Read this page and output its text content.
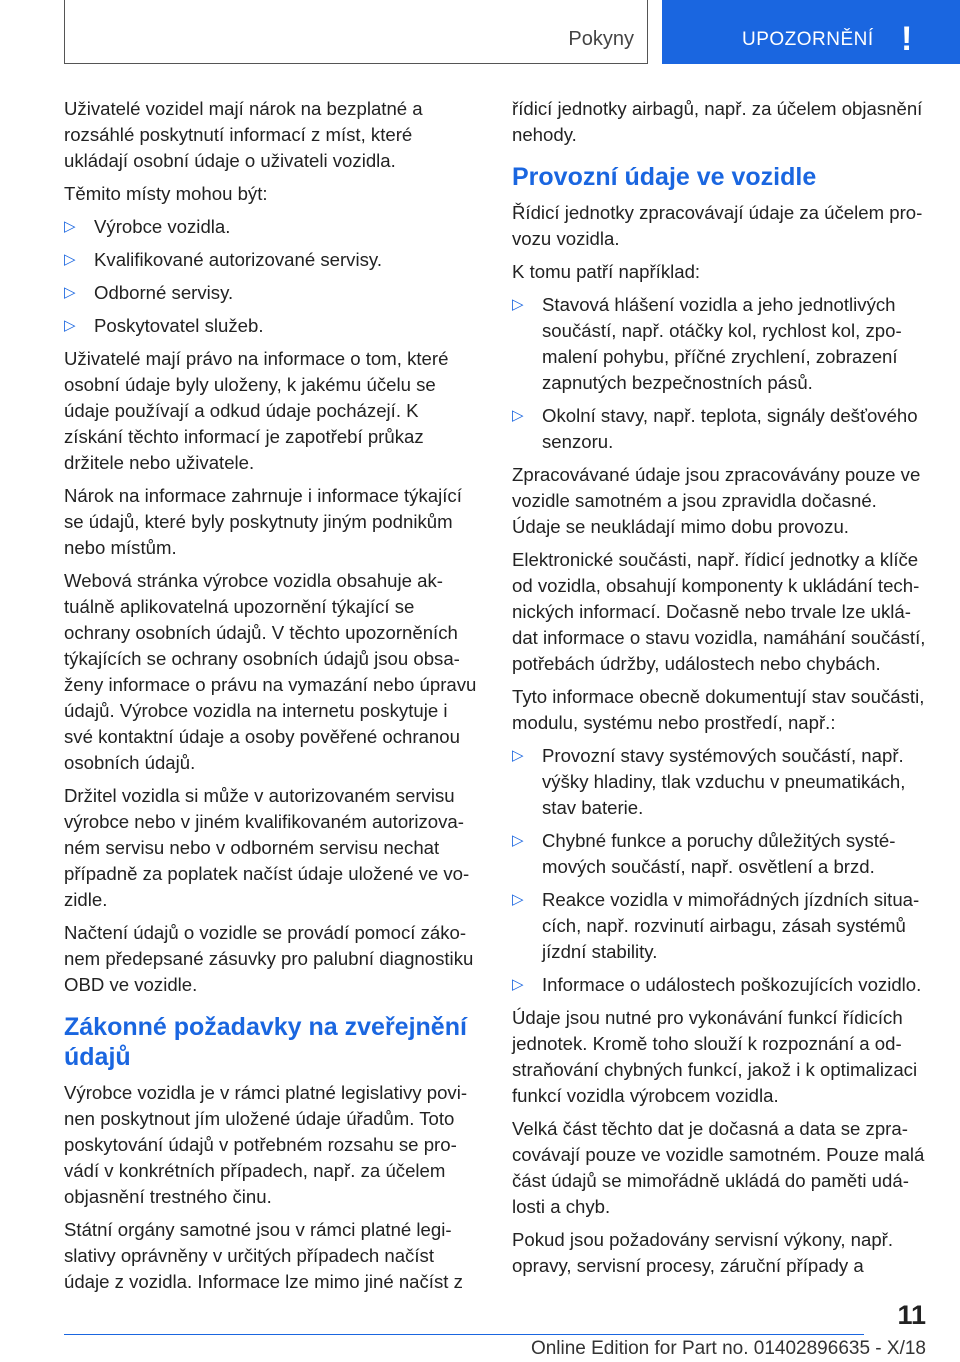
Pokyny	UPOZORNĚNÍ !

Uživatelé vozidel mají nárok na bezplatné a rozsáhlé poskytnutí informací z míst, které ukládají osobní údaje o uživateli vozidla.

Těmito místy mohou být:

▷ Výrobce vozidla.
▷ Kvalifikované autorizované servisy.
▷ Odborné servisy.
▷ Poskytovatel služeb.

Uživatelé mají právo na informace o tom, které osobní údaje byly uloženy, k jakému účelu se údaje používají a odkud údaje pocházejí. K získání těchto informací je zapotřebí průkaz držitele nebo uživatele.

Nárok na informace zahrnuje i informace týkající se údajů, které byly poskytnuty jiným podnikům nebo místům.

Webová stránka výrobce vozidla obsahuje aktuálně aplikovatelná upozornění týkající se ochrany osobních údajů. V těchto upozorněních týkajících se ochrany osobních údajů jsou obsaženy informace o právu na vymazání nebo úpravu údajů. Výrobce vozidla na internetu poskytuje i své kontaktní údaje a osoby pověřené ochranou osobních údajů.

Držitel vozidla si může v autorizovaném servisu výrobce nebo v jiném kvalifikovaném autorizovaném servisu nebo v odborném servisu nechat případně za poplatek načíst údaje uložené ve vozidle.

Načtení údajů o vozidle se provádí pomocí zákonem předepsané zásuvky pro palubní diagnostiku OBD ve vozidle.

Zákonné požadavky na zveřejnění údajů

Výrobce vozidla je v rámci platné legislativy povinen poskytnout jím uložené údaje úřadům. Toto poskytování údajů v potřebném rozsahu se provádí v konkrétních případech, např. za účelem objasnění trestného činu.

Státní orgány samotné jsou v rámci platné legislativy oprávněny v určitých případech načíst údaje z vozidla. Informace lze mimo jiné načíst z

řídicí jednotky airbagů, např. za účelem objasnění nehody.

Provozní údaje ve vozidle

Řídicí jednotky zpracovávají údaje za účelem provozu vozidla.

K tomu patří například:

▷ Stavová hlášení vozidla a jeho jednotlivých součástí, např. otáčky kol, rychlost kol, zpomalení pohybu, příčné zrychlení, zobrazení zapnutých bezpečnostních pásů.
▷ Okolní stavy, např. teplota, signály dešťového senzoru.

Zpracovávané údaje jsou zpracovávány pouze ve vozidle samotném a jsou zpravidla dočasné. Údaje se neukládají mimo dobu provozu.

Elektronické součásti, např. řídicí jednotky a klíče od vozidla, obsahují komponenty k ukládání technických informací. Dočasně nebo trvale lze ukládat informace o stavu vozidla, namáhání součástí, potřebách údržby, událostech nebo chybách.

Tyto informace obecně dokumentují stav součásti, modulu, systému nebo prostředí, např.:

▷ Provozní stavy systémových součástí, např. výšky hladiny, tlak vzduchu v pneumatikách, stav baterie.
▷ Chybné funkce a poruchy důležitých systémových součástí, např. osvětlení a brzd.
▷ Reakce vozidla v mimořádných jízdních situacích, např. rozvinutí airbagu, zásah systémů jízdní stability.
▷ Informace o událostech poškozujících vozidlo.

Údaje jsou nutné pro vykonávání funkcí řídicích jednotek. Kromě toho slouží k rozpoznání a odstraňování chybných funkcí, jakož i k optimalizaci funkcí vozidla výrobcem vozidla.

Velká část těchto dat je dočasná a data se zpracovávají pouze ve vozidle samotném. Pouze malá část údajů se mimořádně ukládá do paměti události a chyb.

Pokud jsou požadovány servisní výkony, např. opravy, servisní procesy, záruční případy a

11
Online Edition for Part no. 01402896635 - X/18
